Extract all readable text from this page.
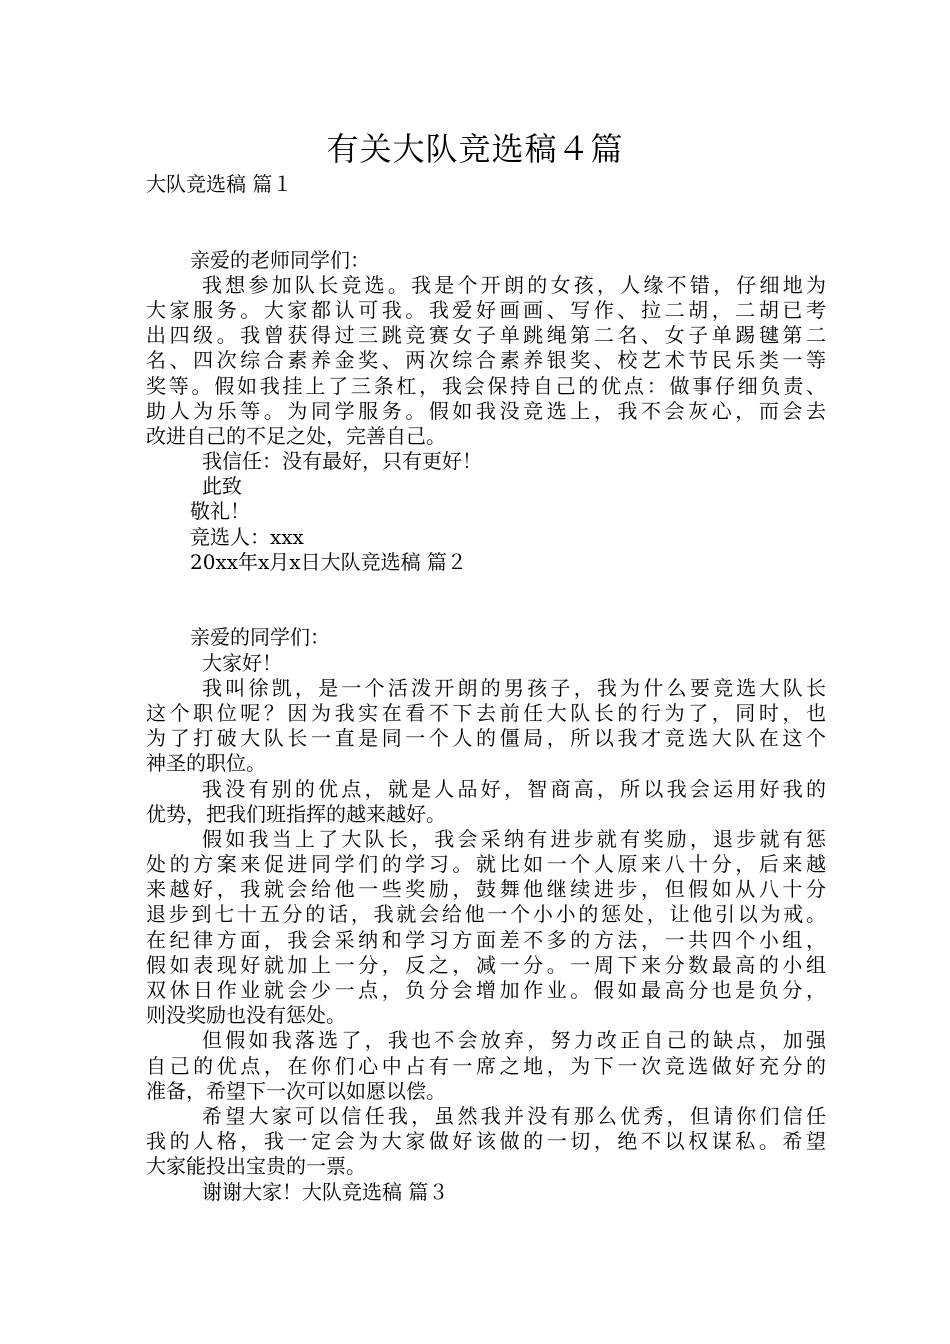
有关大队竞选稿４篇
大队竞选稿 篇１
亲爱的老师同学们：
我想参加队长竞选。我是个开朗的女孩，人缘不错，仔细地为
大家服务。大家都认可我。我爱好画画、写作、拉二胡，二胡已考
出四级。我曾获得过三跳竞赛女子单跳绳第二名、女子单踢毽第二
名、四次综合素养金奖、两次综合素养银奖、校艺术节民乐类一等
奖等。假如我挂上了三条杠，我会保持自己的优点：做事仔细负责、
助人为乐等。为同学服务。假如我没竞选上，我不会灰心，而会去
改进自己的不足之处，完善自己。
我信任：没有最好，只有更好！
此致
敬礼！
竞选人：xxx
20xx年x月x日大队竞选稿 篇２
亲爱的同学们：
大家好！
我叫徐凯，是一个活泼开朗的男孩子，我为什么要竞选大队长
这个职位呢？因为我实在看不下去前任大队长的行为了，同时，也
为了打破大队长一直是同一个人的僵局，所以我才竞选大队在这个
神圣的职位。
我没有别的优点，就是人品好，智商高，所以我会运用好我的
优势，把我们班指挥的越来越好。
假如我当上了大队长，我会采纳有进步就有奖励，退步就有惩
处的方案来促进同学们的学习。就比如一个人原来八十分，后来越
来越好，我就会给他一些奖励，鼓舞他继续进步，但假如从八十分
退步到七十五分的话，我就会给他一个小小的惩处，让他引以为戒。
在纪律方面，我会采纳和学习方面差不多的方法，一共四个小组，
假如表现好就加上一分，反之，减一分。一周下来分数最高的小组
双休日作业就会少一点，负分会增加作业。假如最高分也是负分，
则没奖励也没有惩处。
但假如我落选了，我也不会放弃，努力改正自己的缺点，加强
自己的优点，在你们心中占有一席之地，为下一次竞选做好充分的
准备，希望下一次可以如愿以偿。
希望大家可以信任我，虽然我并没有那么优秀，但请你们信任
我的人格，我一定会为大家做好该做的一切，绝不以权谋私。希望
大家能投出宝贵的一票。
谢谢大家！大队竞选稿 篇３
